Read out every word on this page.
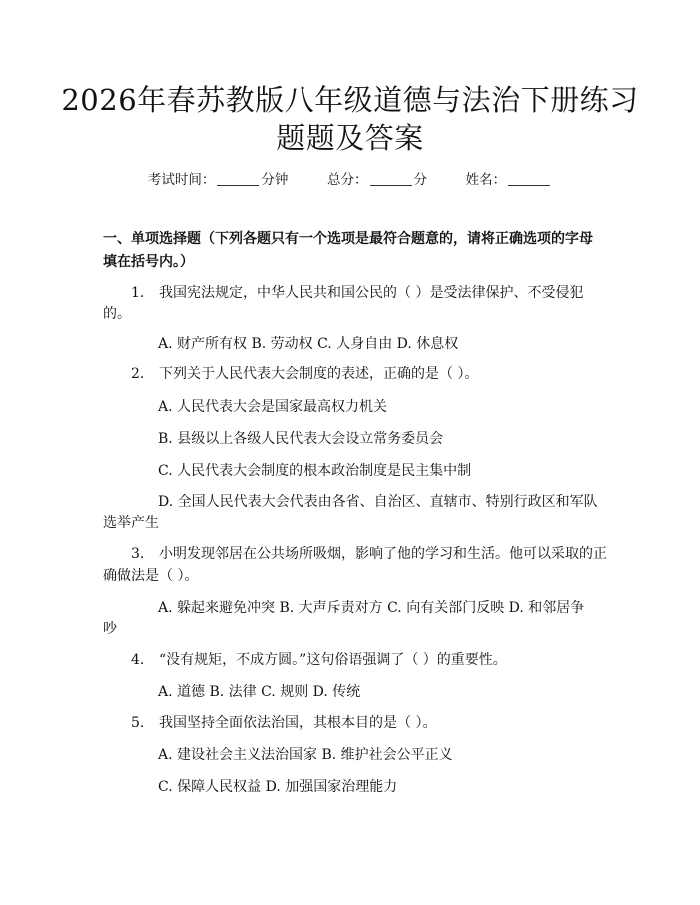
2026年春苏教版八年级道德与法治下册练习
题题及答案
考试时间：	分钟	总分：	分	姓名：
一、单项选择题（下列各题只有一个选项是最符合题意的，请将正确选项的字母
填在括号内。）
1. 我国宪法规定，中华人民共和国公民的（ ）是受法律保护、不受侵犯
的。
A. 财产所有权 B. 劳动权 C. 人身自由 D. 休息权
2. 下列关于人民代表大会制度的表述，正确的是（ ）。
A. 人民代表大会是国家最高权力机关
B. 县级以上各级人民代表大会设立常务委员会
C. 人民代表大会制度的根本政治制度是民主集中制
D. 全国人民代表大会代表由各省、自治区、直辖市、特别行政区和军队
选举产生
3. 小明发现邻居在公共场所吸烟，影响了他的学习和生活。他可以采取的正
确做法是（ ）。
A. 躲起来避免冲突 B. 大声斥责对方 C. 向有关部门反映 D. 和邻居争
吵
4. “没有规矩，不成方圆。”这句俗语强调了（ ）的重要性。
A. 道德 B. 法律 C. 规则 D. 传统
5. 我国坚持全面依法治国，其根本目的是（ ）。
A. 建设社会主义法治国家 B. 维护社会公平正义
C. 保障人民权益 D. 加强国家治理能力
